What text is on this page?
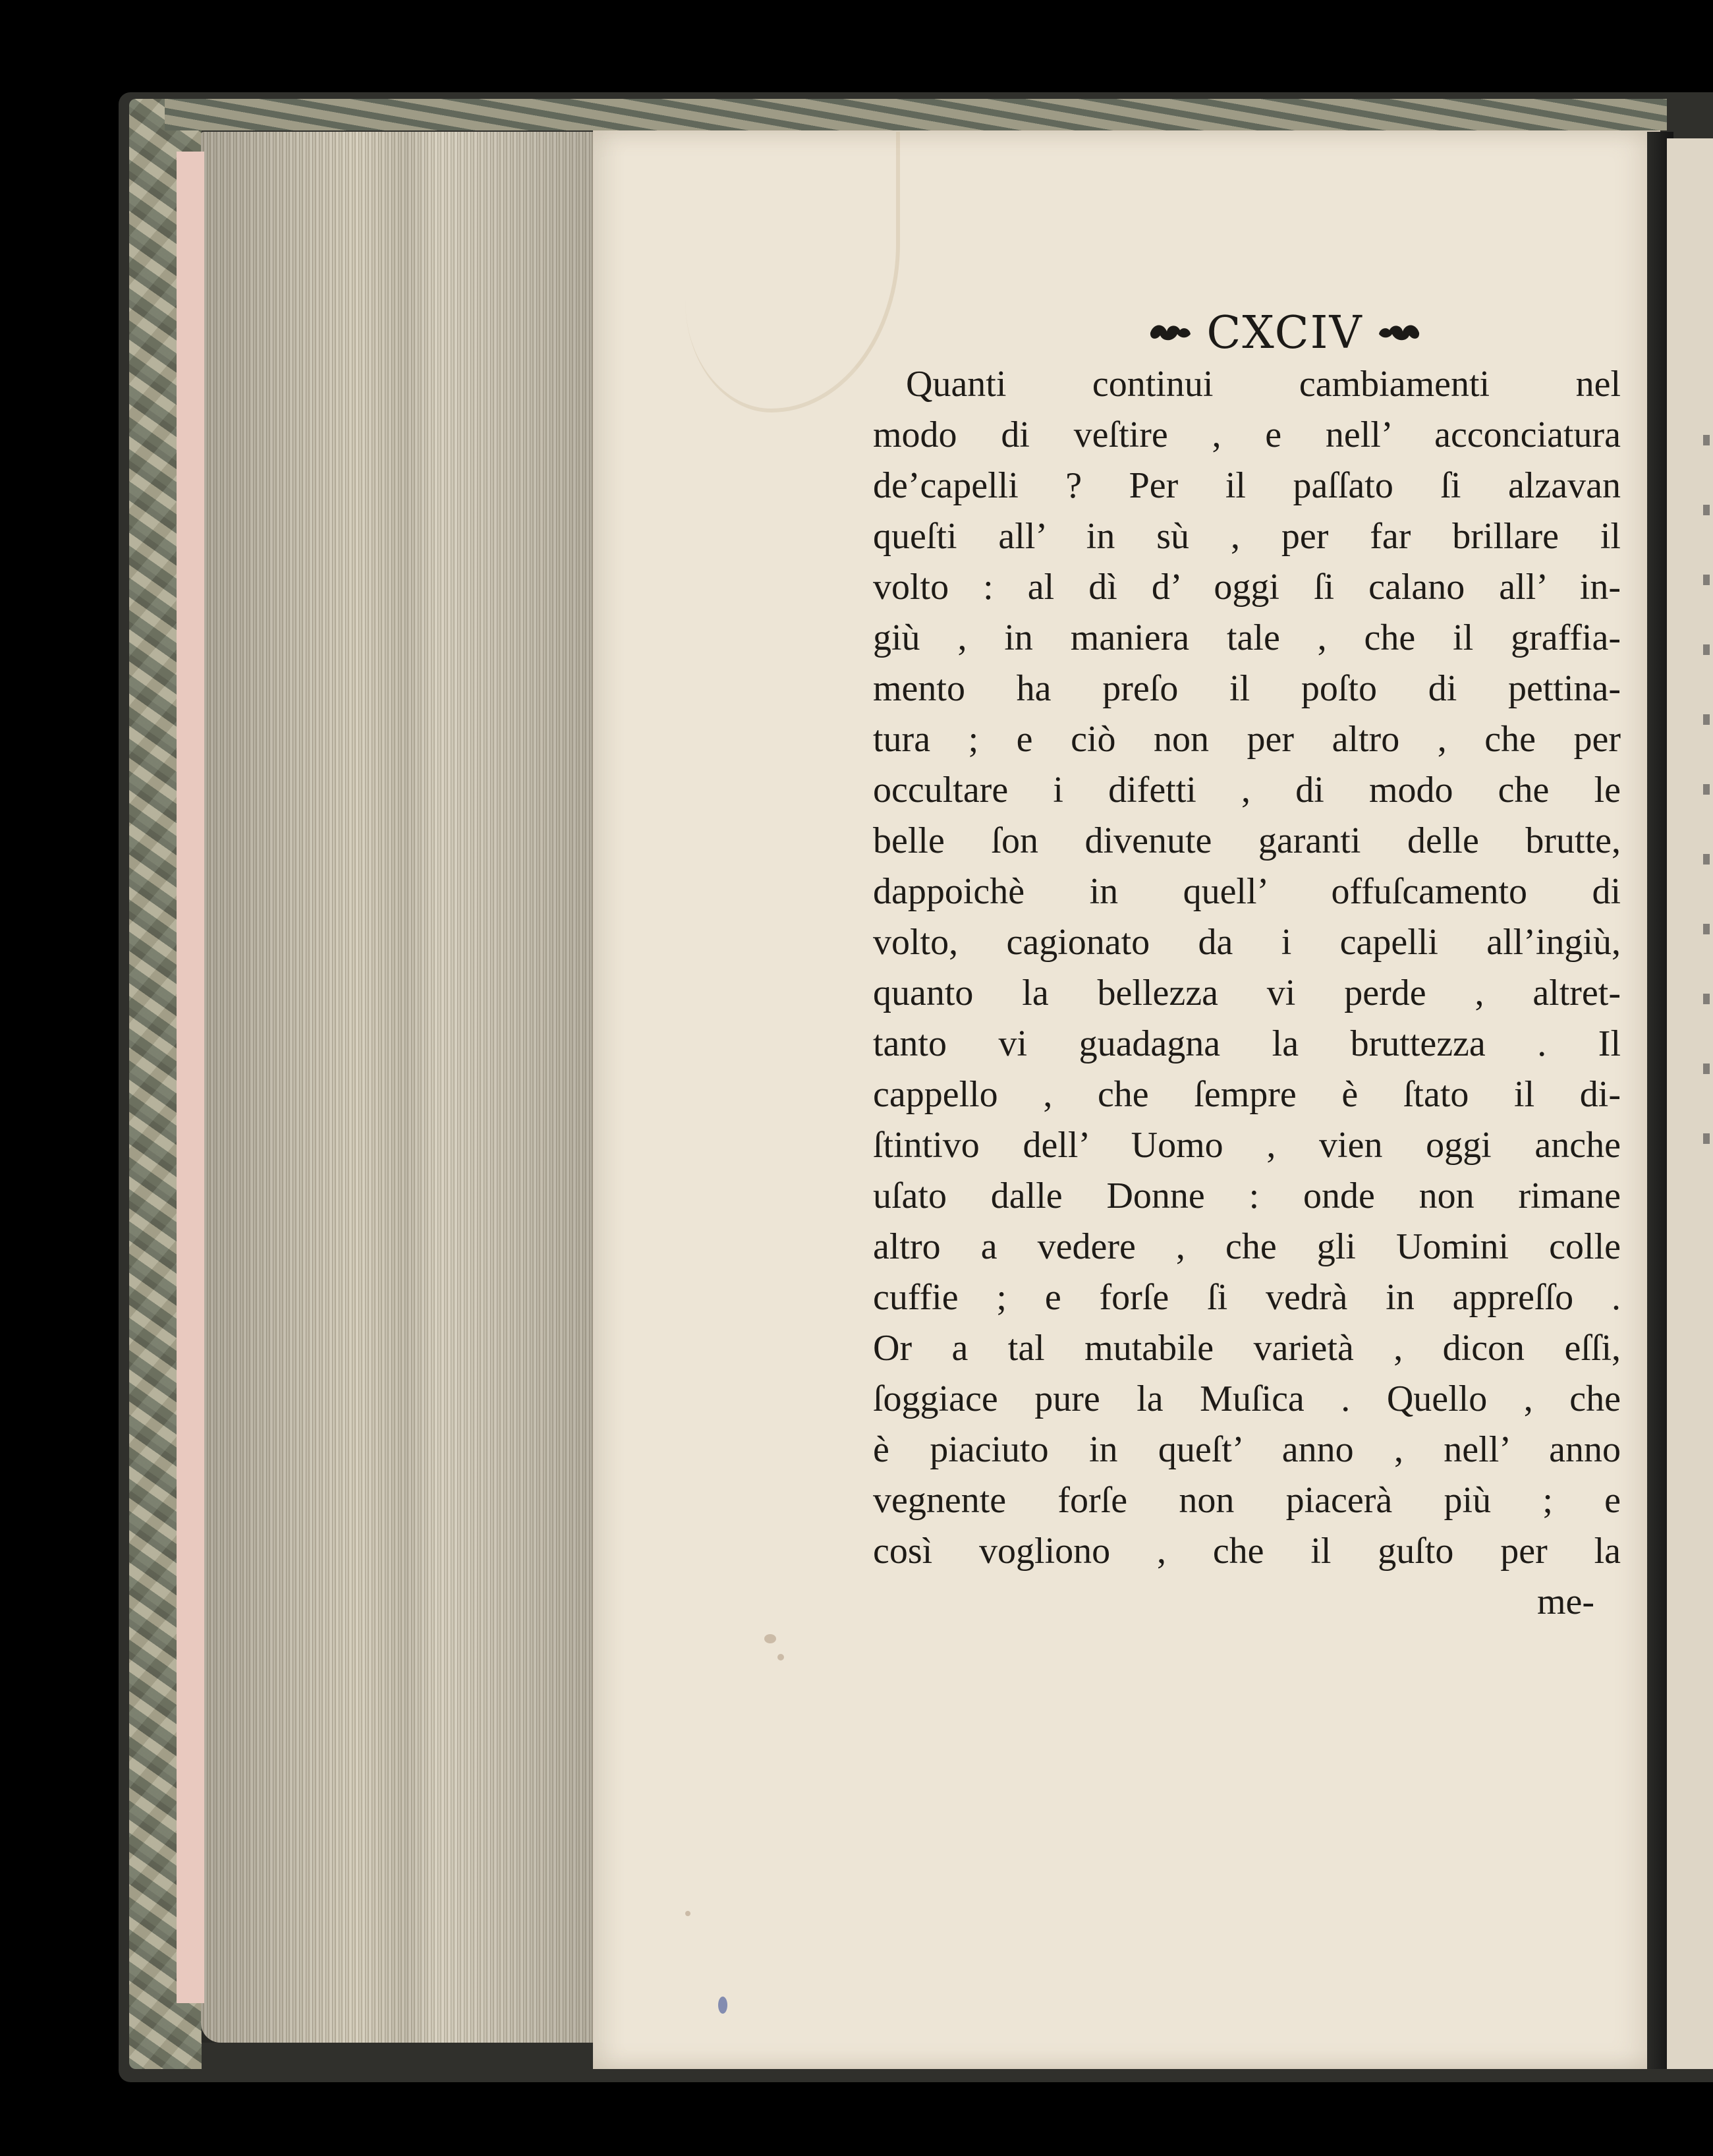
CXCIV
Quanti continui cambiamenti nel
modo di veſtire , e nell’ acconciatura
de’capelli ? Per il paſſato ſi alzavan
queſti all’ in sù , per far brillare il
volto : al dì d’ oggi ſi calano all’ in-
giù , in maniera tale , che il graffia-
mento ha preſo il poſto di pettina-
tura ; e ciò non per altro , che per
occultare i difetti , di modo che le
belle ſon divenute garanti delle brutte,
dappoichè in quell’ offuſcamento di
volto, cagionato da i capelli all’ingiù,
quanto la bellezza vi perde , altret-
tanto vi guadagna la bruttezza . Il
cappello , che ſempre è ſtato il di-
ſtintivo dell’ Uomo , vien oggi anche
uſato dalle Donne : onde non rimane
altro a vedere , che gli Uomini colle
cuffie ; e forſe ſi vedrà in appreſſo .
Or a tal mutabile varietà , dicon eſſi,
ſoggiace pure la Muſica . Quello , che
è piaciuto in queſt’ anno , nell’ anno
vegnente forſe non piacerà più ; e
così vogliono , che il guſto per la
me-
